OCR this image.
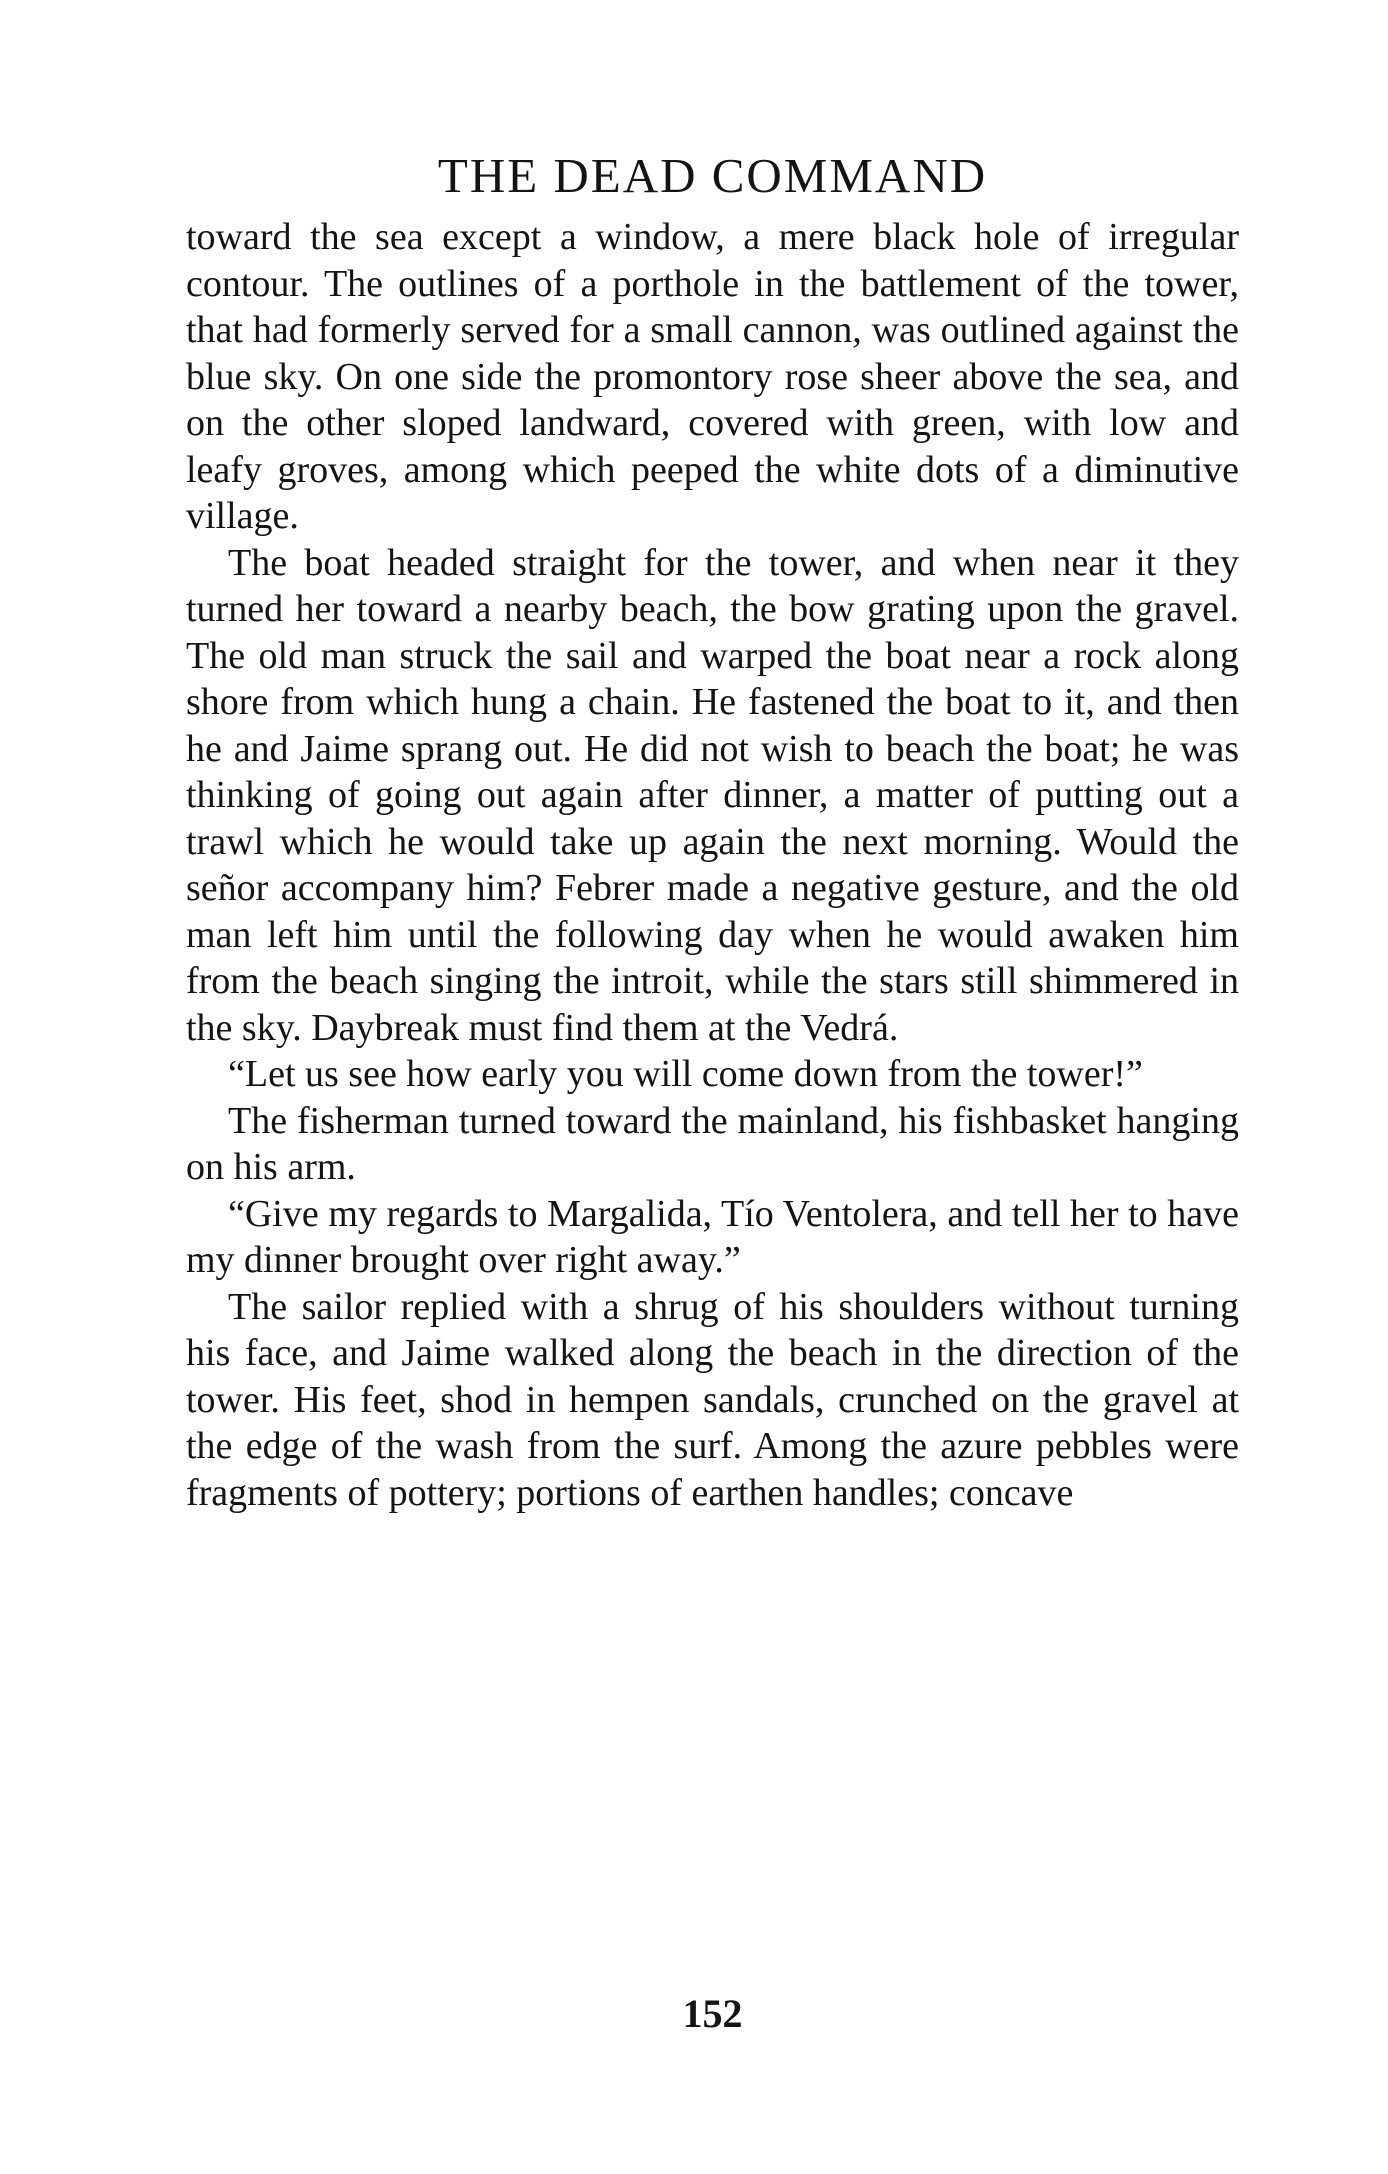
THE DEAD COMMAND

toward the sea except a window, a mere black hole of irregular contour. The outlines of a porthole in the battlement of the tower, that had formerly served for a small cannon, was outlined against the blue sky. On one side the promontory rose sheer above the sea, and on the other sloped landward, covered with green, with low and leafy groves, among which peeped the white dots of a diminutive village.

The boat headed straight for the tower, and when near it they turned her toward a nearby beach, the bow grating upon the gravel. The old man struck the sail and warped the boat near a rock along shore from which hung a chain. He fastened the boat to it, and then he and Jaime sprang out. He did not wish to beach the boat; he was thinking of going out again after dinner, a matter of putting out a trawl which he would take up again the next morning. Would the señor accompany him? Febrer made a negative gesture, and the old man left him until the following day when he would awaken him from the beach singing the introit, while the stars still shimmered in the sky. Daybreak must find them at the Vedrá.

“Let us see how early you will come down from the tower!”

The fisherman turned toward the mainland, his fishbasket hanging on his arm.

“Give my regards to Margalida, Tío Ventolera, and tell her to have my dinner brought over right away.”

The sailor replied with a shrug of his shoulders without turning his face, and Jaime walked along the beach in the direction of the tower. His feet, shod in hempen sandals, crunched on the gravel at the edge of the wash from the surf. Among the azure pebbles were fragments of pottery; portions of earthen handles; concave

152
